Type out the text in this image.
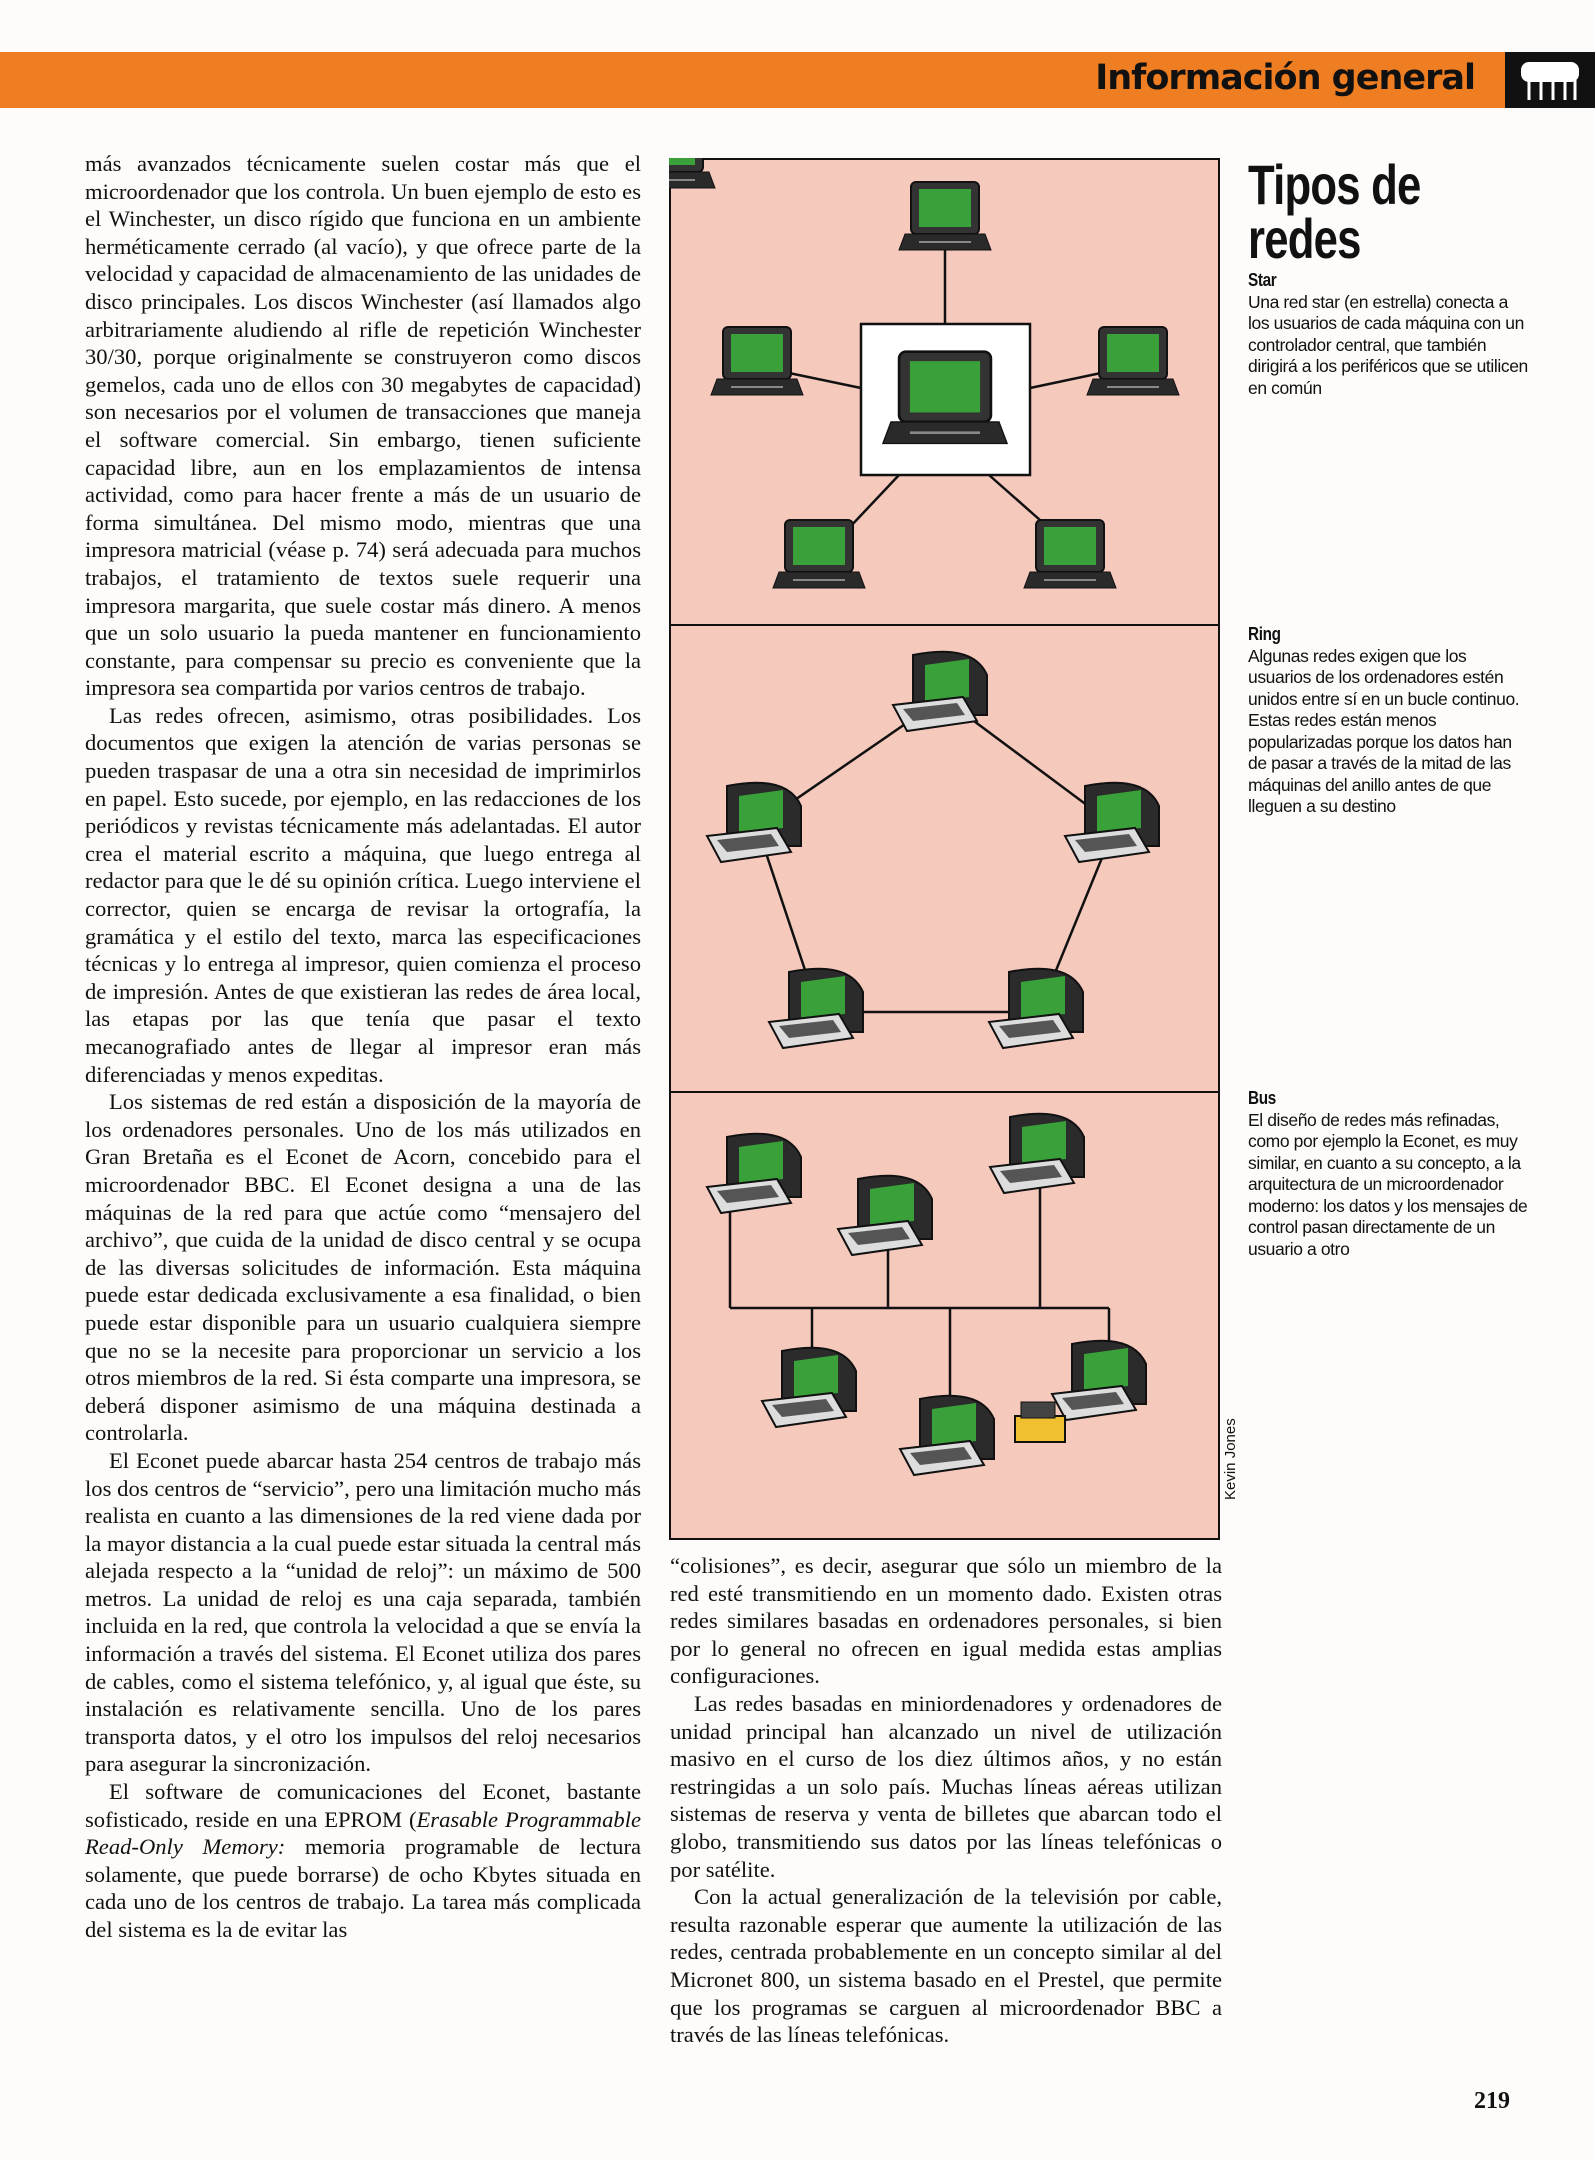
Información general

más avanzados técnicamente suelen costar más que el microordenador que los controla. Un buen ejemplo de esto es el Winchester, un disco rígido que funciona en un ambiente herméticamente cerrado (al vacío), y que ofrece parte de la velocidad y capacidad de almacenamiento de las unidades de disco principales. Los discos Winchester (así llamados algo arbitrariamente aludiendo al rifle de repetición Winchester 30/30, porque originalmente se construyeron como discos gemelos, cada uno de ellos con 30 megabytes de capacidad) son necesarios por el volumen de transacciones que maneja el software comercial. Sin embargo, tienen suficiente capacidad libre, aun en los emplazamientos de intensa actividad, como para hacer frente a más de un usuario de forma simultánea. Del mismo modo, mientras que una impresora matricial (véase p. 74) será adecuada para muchos trabajos, el tratamiento de textos suele requerir una impresora margarita, que suele costar más dinero. A menos que un solo usuario la pueda mantener en funcionamiento constante, para compensar su precio es conveniente que la impresora sea compartida por varios centros de trabajo.

Las redes ofrecen, asimismo, otras posibilidades. Los documentos que exigen la atención de varias personas se pueden traspasar de una a otra sin necesidad de imprimirlos en papel. Esto sucede, por ejemplo, en las redacciones de los periódicos y revistas técnicamente más adelantadas. El autor crea el material escrito a máquina, que luego entrega al redactor para que le dé su opinión crítica. Luego interviene el corrector, quien se encarga de revisar la ortografía, la gramática y el estilo del texto, marca las especificaciones técnicas y lo entrega al impresor, quien comienza el proceso de impresión. Antes de que existieran las redes de área local, las etapas por las que tenía que pasar el texto mecanografiado antes de llegar al impresor eran más diferenciadas y menos expeditas.

Los sistemas de red están a disposición de la mayoría de los ordenadores personales. Uno de los más utilizados en Gran Bretaña es el Econet de Acorn, concebido para el microordenador BBC. El Econet designa a una de las máquinas de la red para que actúe como “mensajero del archivo”, que cuida de la unidad de disco central y se ocupa de las diversas solicitudes de información. Esta máquina puede estar dedicada exclusivamente a esa finalidad, o bien puede estar disponible para un usuario cualquiera siempre que no se la necesite para proporcionar un servicio a los otros miembros de la red. Si ésta comparte una impresora, se deberá disponer asimismo de una máquina destinada a controlarla.

El Econet puede abarcar hasta 254 centros de trabajo más los dos centros de “servicio”, pero una limitación mucho más realista en cuanto a las dimensiones de la red viene dada por la mayor distancia a la cual puede estar situada la central más alejada respecto a la “unidad de reloj”: un máximo de 500 metros. La unidad de reloj es una caja separada, también incluida en la red, que controla la velocidad a que se envía la información a través del sistema. El Econet utiliza dos pares de cables, como el sistema telefónico, y, al igual que éste, su instalación es relativamente sencilla. Uno de los pares transporta datos, y el otro los impulsos del reloj necesarios para asegurar la sincronización.

El software de comunicaciones del Econet, bastante sofisticado, reside en una EPROM (Erasable Programmable Read-Only Memory: memoria programable de lectura solamente, que puede borrarse) de ocho Kbytes situada en cada uno de los centros de trabajo. La tarea más complicada del sistema es la de evitar las

Kevin Jones
Tipos de redes
Star
Una red star (en estrella) conecta a los usuarios de cada máquina con un controlador central, que también dirigirá a los periféricos que se utilicen en común
Ring
Algunas redes exigen que los usuarios de los ordenadores estén unidos entre sí en un bucle continuo. Estas redes están menos popularizadas porque los datos han de pasar a través de la mitad de las máquinas del anillo antes de que lleguen a su destino
Bus
El diseño de redes más refinadas, como por ejemplo la Econet, es muy similar, en cuanto a su concepto, a la arquitectura de un microordenador moderno: los datos y los mensajes de control pasan directamente de un usuario a otro

“colisiones”, es decir, asegurar que sólo un miembro de la red esté transmitiendo en un momento dado. Existen otras redes similares basadas en ordenadores personales, si bien por lo general no ofrecen en igual medida estas amplias configuraciones.

Las redes basadas en miniordenadores y ordenadores de unidad principal han alcanzado un nivel de utilización masivo en el curso de los diez últimos años, y no están restringidas a un solo país. Muchas líneas aéreas utilizan sistemas de reserva y venta de billetes que abarcan todo el globo, transmitiendo sus datos por las líneas telefónicas o por satélite.

Con la actual generalización de la televisión por cable, resulta razonable esperar que aumente la utilización de las redes, centrada probablemente en un concepto similar al del Micronet 800, un sistema basado en el Prestel, que permite que los programas se carguen al microordenador BBC a través de las líneas telefónicas.

219
